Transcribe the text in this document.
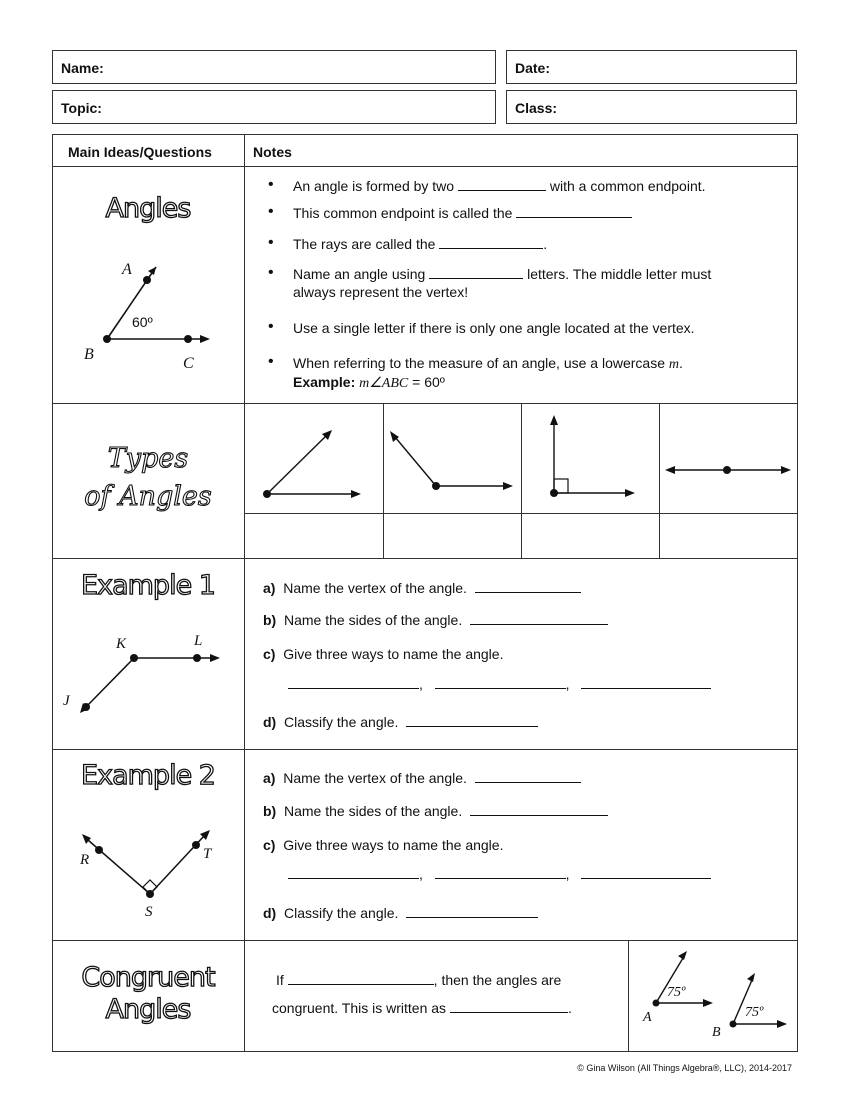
Name:	Date:
Topic:	Class:
Main Ideas/Questions	Notes
Angles
A
B
C
60º
• An angle is formed by two	with a common endpoint.
• This common endpoint is called the
• The rays are called the	.
• Name an angle using	letters. The middle letter must
always represent the vertex!
• Use a single letter if there is only one angle located at the vertex.
• When referring to the measure of an angle, use a lowercase m.
Example: m∠ABC = 60º
Types
of Angles
Example 1
K	L
J
a) Name the vertex of the angle.
b) Name the sides of the angle.
c) Give three ways to name the angle.
,	,
d) Classify the angle.
Example 2
R	T
S
a) Name the vertex of the angle.
b) Name the sides of the angle.
c) Give three ways to name the angle.
,	,
d) Classify the angle.
Congruent
Angles
If	, then the angles are
congruent. This is written as	.
75º
75º
A
B
© Gina Wilson (All Things Algebra®, LLC), 2014-2017
